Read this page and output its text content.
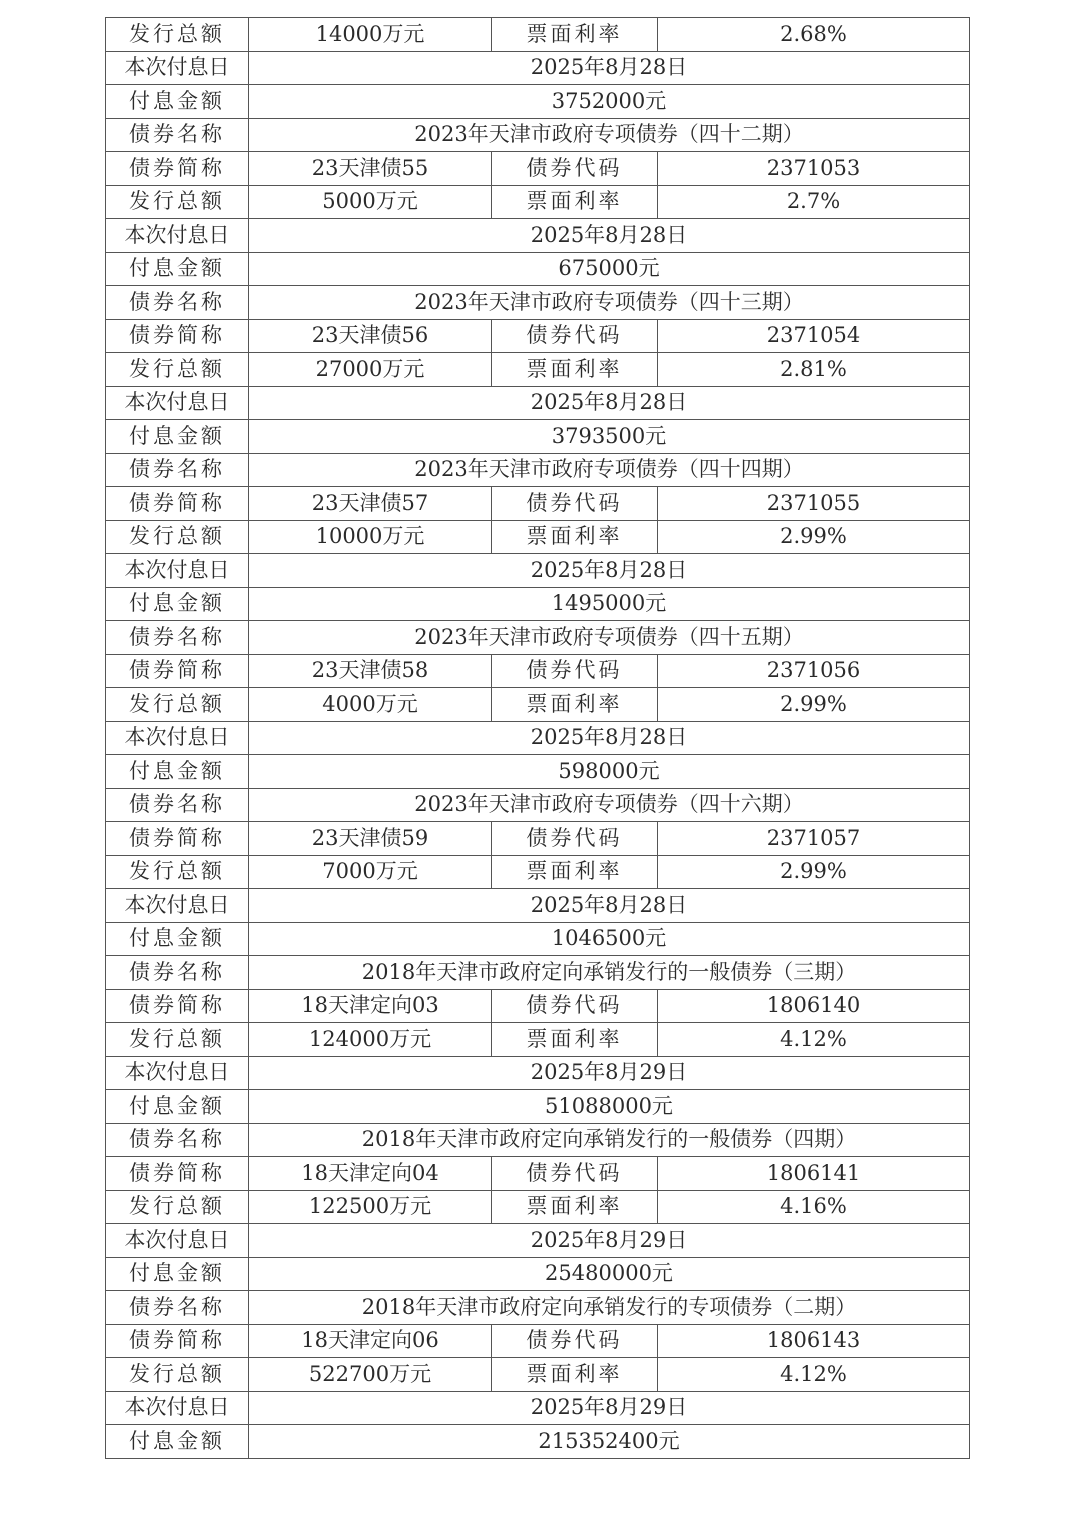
发行总额	14000万元	票面利率	2.68%
本次付息日	2025年8月28日		
付息金额	3752000元		
债券名称	2023年天津市政府专项债券（四十二期）		
债券简称	23天津债55	债券代码	2371053
发行总额	5000万元	票面利率	2.7%
本次付息日	2025年8月28日		
付息金额	675000元		
债券名称	2023年天津市政府专项债券（四十三期）		
债券简称	23天津债56	债券代码	2371054
发行总额	27000万元	票面利率	2.81%
本次付息日	2025年8月28日		
付息金额	3793500元		
债券名称	2023年天津市政府专项债券（四十四期）		
债券简称	23天津债57	债券代码	2371055
发行总额	10000万元	票面利率	2.99%
本次付息日	2025年8月28日		
付息金额	1495000元		
债券名称	2023年天津市政府专项债券（四十五期）		
债券简称	23天津债58	债券代码	2371056
发行总额	4000万元	票面利率	2.99%
本次付息日	2025年8月28日		
付息金额	598000元		
债券名称	2023年天津市政府专项债券（四十六期）		
债券简称	23天津债59	债券代码	2371057
发行总额	7000万元	票面利率	2.99%
本次付息日	2025年8月28日		
付息金额	1046500元		
债券名称	2018年天津市政府定向承销发行的一般债券（三期）		
债券简称	18天津定向03	债券代码	1806140
发行总额	124000万元	票面利率	4.12%
本次付息日	2025年8月29日		
付息金额	51088000元		
债券名称	2018年天津市政府定向承销发行的一般债券（四期）		
债券简称	18天津定向04	债券代码	1806141
发行总额	122500万元	票面利率	4.16%
本次付息日	2025年8月29日		
付息金额	25480000元		
债券名称	2018年天津市政府定向承销发行的专项债券（二期）		
债券简称	18天津定向06	债券代码	1806143
发行总额	522700万元	票面利率	4.12%
本次付息日	2025年8月29日		
付息金额	215352400元		
